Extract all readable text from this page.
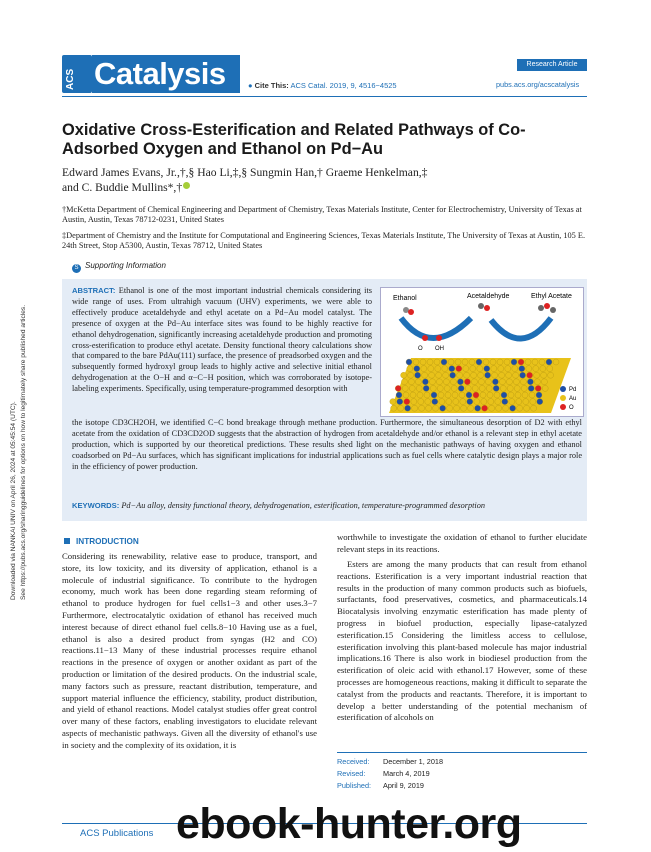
Downloaded via NANKAI UNIV on April 26, 2024 at 05:45:54 (UTC). See https://pubs.acs.org/sharingguidelines for options on how to legitimately share published articles.
ACS Catalysis	● Cite This: ACS Catal. 2019, 9, 4516−4525
Research Article
pubs.acs.org/acscatalysis
Oxidative Cross-Esterification and Related Pathways of Co-Adsorbed Oxygen and Ethanol on Pd−Au
Edward James Evans, Jr.,†,§ Hao Li,‡,§ Sungmin Han,† Graeme Henkelman,‡
and C. Buddie Mullins*,†
†McKetta Department of Chemical Engineering and Department of Chemistry, Texas Materials Institute, Center for Electrochemistry, University of Texas at Austin, Austin, Texas 78712-0231, United States
‡Department of Chemistry and the Institute for Computational and Engineering Sciences, Texas Materials Institute, The University of Texas at Austin, 105 E. 24th Street, Stop A5300, Austin, Texas 78712, United States
S Supporting Information
ABSTRACT: Ethanol is one of the most important industrial chemicals considering its wide range of uses. From ultrahigh vacuum (UHV) experiments, we were able to effectively produce acetaldehyde and ethyl acetate on a Pd−Au model catalyst. The presence of oxygen at the Pd−Au interface sites was found to be highly reactive for ethanol dehydrogenation, significantly increasing acetaldehyde production and promoting cross-esterification to produce ethyl acetate. Density functional theory calculations show that compared to the bare PdAu(111) surface, the presence of preadsorbed oxygen and the subsequently formed hydroxyl group leads to highly active and selective initial ethanol dehydrogenation at the O−H and α−C−H position, which was corroborated by isotope-labeling experiments. Specifically, using temperature-programmed desorption with
the isotope CD3CH2OH, we identified C−C bond breakage through methane production. Furthermore, the simultaneous desorption of D2 with ethyl acetate from the oxidation of CD3CD2OD suggests that the abstraction of hydrogen from acetaldehyde and/or ethanol is a relevant step in ethyl acetate production, which is supported by our theoretical predictions. These results shed light on the mechanistic pathways of having oxygen and ethanol coadsorbed on Pd−Au surfaces, which has significant implications for industrial applications such as fuel cells where catalytic design plays a major role in the efficiency of power production.
KEYWORDS: Pd−Au alloy, density functional theory, dehydrogenation, esterification, temperature-programmed desorption
Ethanol	Acetaldehyde	Ethyl Acetate
O OH
Pd
Au
O
INTRODUCTION
Considering its renewability, relative ease to produce, transport, and store, its low toxicity, and its diversity of application, ethanol is a molecule of industrial significance. To contribute to the hydrogen economy, much work has been done regarding steam reforming of ethanol to produce hydrogen for fuel cells1−3 and other uses.3−7 Furthermore, electrocatalytic oxidation of ethanol has received much interest because of direct ethanol fuel cells.8−10 Having use as a fuel, ethanol is also a desired product from syngas (H2 and CO) reactions.11−13 Many of these industrial processes require ethanol reactions in the presence of oxygen or another oxidant as part of the production or limitation of the desired products. On the industrial scale, many factors such as pressure, reactant distribution, temperature, and support material influence the efficiency, stability, product distribution, and yield of ethanol reactions. Model catalyst studies offer great control over many of these factors, enabling investigators to elucidate relevant aspects of mechanistic pathways. Given all the diversity of ethanol's use in society and the complexity of its oxidation, it is
worthwhile to investigate the oxidation of ethanol to further elucidate relevant steps in its reactions.
Esters are among the many products that can result from ethanol reactions. Esterification is a very important industrial reaction that results in the production of many common products such as biofuels, surfactants, food preservatives, cosmetics, and pharmaceuticals.14 Biocatalysis involving enzymatic esterification has made plenty of progress in biofuel production, especially lipase-catalyzed esterification.15 Considering the limitless access to cellulose, esterification involving this plant-based molecule has major industrial implications.16 There is also work in biodiesel production from the esterification of oleic acid with ethanol.17 However, some of these processes are homogeneous reactions, making it difficult to separate the catalyst from the products and reactants. Therefore, it is important to develop a better understanding of the potential mechanism of esterification of alcohols on
Received: December 1, 2018
Revised: March 4, 2019
Published: April 9, 2019
ACS Publications ebook-hunter.org
